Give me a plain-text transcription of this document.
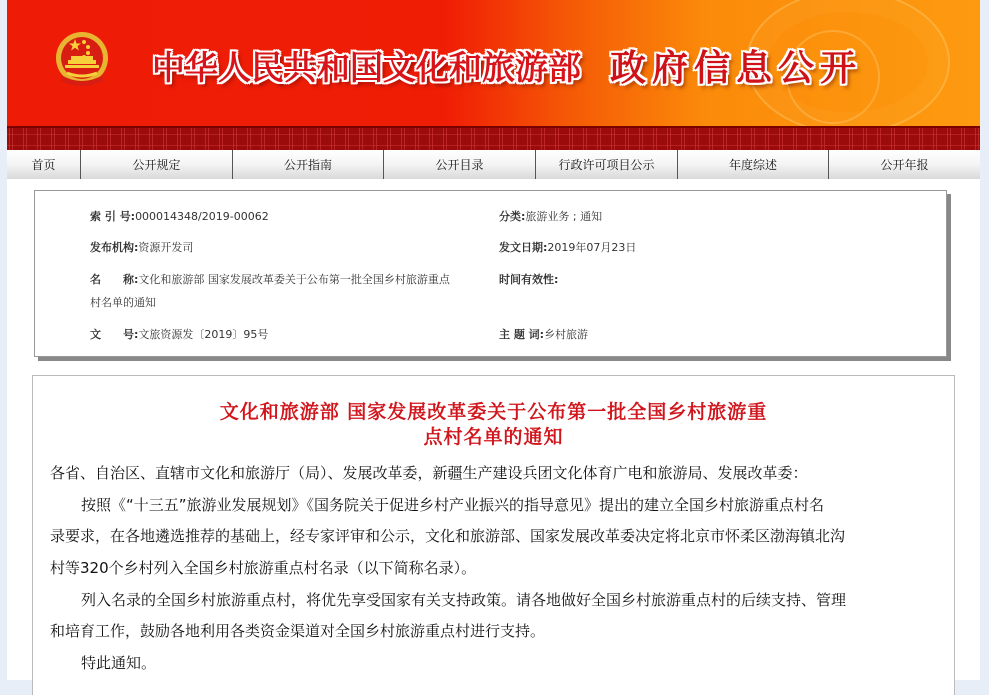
中华人民共和国文化和旅游部 政府信息公开
首页	公开规定	公开指南	公开目录	行政许可项目公示	年度综述	公开年报
索 引 号:000014348/2019-00062	分类:旅游业务 ; 通知
发布机构:资源开发司	发文日期:2019年07月23日
名　　称:文化和旅游部 国家发展改革委关于公布第一批全国乡村旅游重点
村名单的通知
时间有效性:
文　　号:文旅资源发〔2019〕95号	主 题 词:乡村旅游
文化和旅游部 国家发展改革委关于公布第一批全国乡村旅游重
点村名单的通知
各省、自治区、直辖市文化和旅游厅（局）、发展改革委，新疆生产建设兵团文化体育广电和旅游局、发展改革委：
按照《“十三五”旅游业发展规划》《国务院关于促进乡村产业振兴的指导意见》提出的建立全国乡村旅游重点村名
录要求，在各地遴选推荐的基础上，经专家评审和公示，文化和旅游部、国家发展改革委决定将北京市怀柔区渤海镇北沟
村等320个乡村列入全国乡村旅游重点村名录（以下简称名录）。
列入名录的全国乡村旅游重点村，将优先享受国家有关支持政策。请各地做好全国乡村旅游重点村的后续支持、管理
和培育工作，鼓励各地利用各类资金渠道对全国乡村旅游重点村进行支持。
特此通知。
